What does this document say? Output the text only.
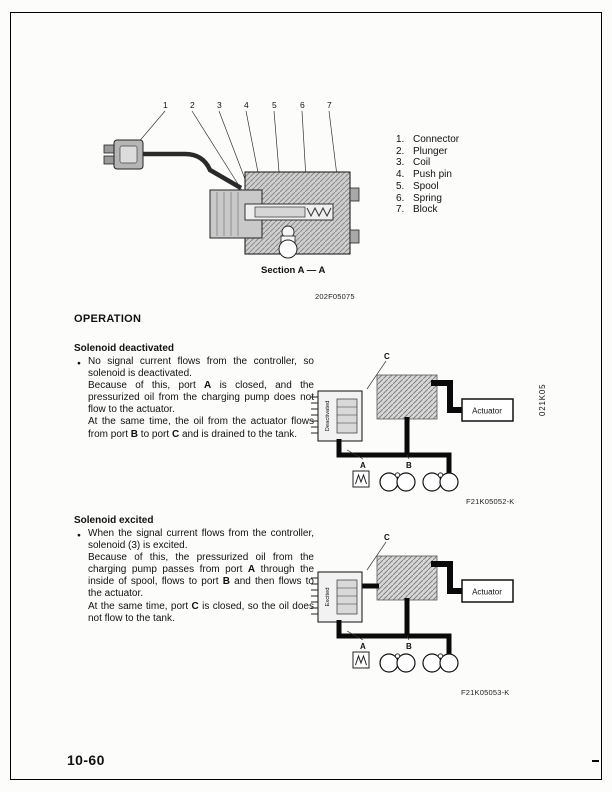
1	2	3	4	5	6	7
Section A — A
1. Connector
2. Plunger
3. Coil
4. Push pin
5. Spool
6. Spring
7. Block
202F05075
OPERATION
Solenoid deactivated
● No signal current flows from the controller, so solenoid is deactivated.
Because of this, port A is closed, and the pressurized oil from the charging pump does not flow to the actuator.
At the same time, the oil from the actuator flows from port B to port C and is drained to the tank.
C
Deactivated	Actuator
A	B
F21K05052-K
021K05
Solenoid excited
● When the signal current flows from the controller, solenoid (3) is excited.
Because of this, the pressurized oil from the charging pump passes from port A through the inside of spool, flows to port B and then flows to the actuator.
At the same time, port C is closed, so the oil does not flow to the tank.
C
Excited	Actuator
A	B
F21K05053-K
10-60
